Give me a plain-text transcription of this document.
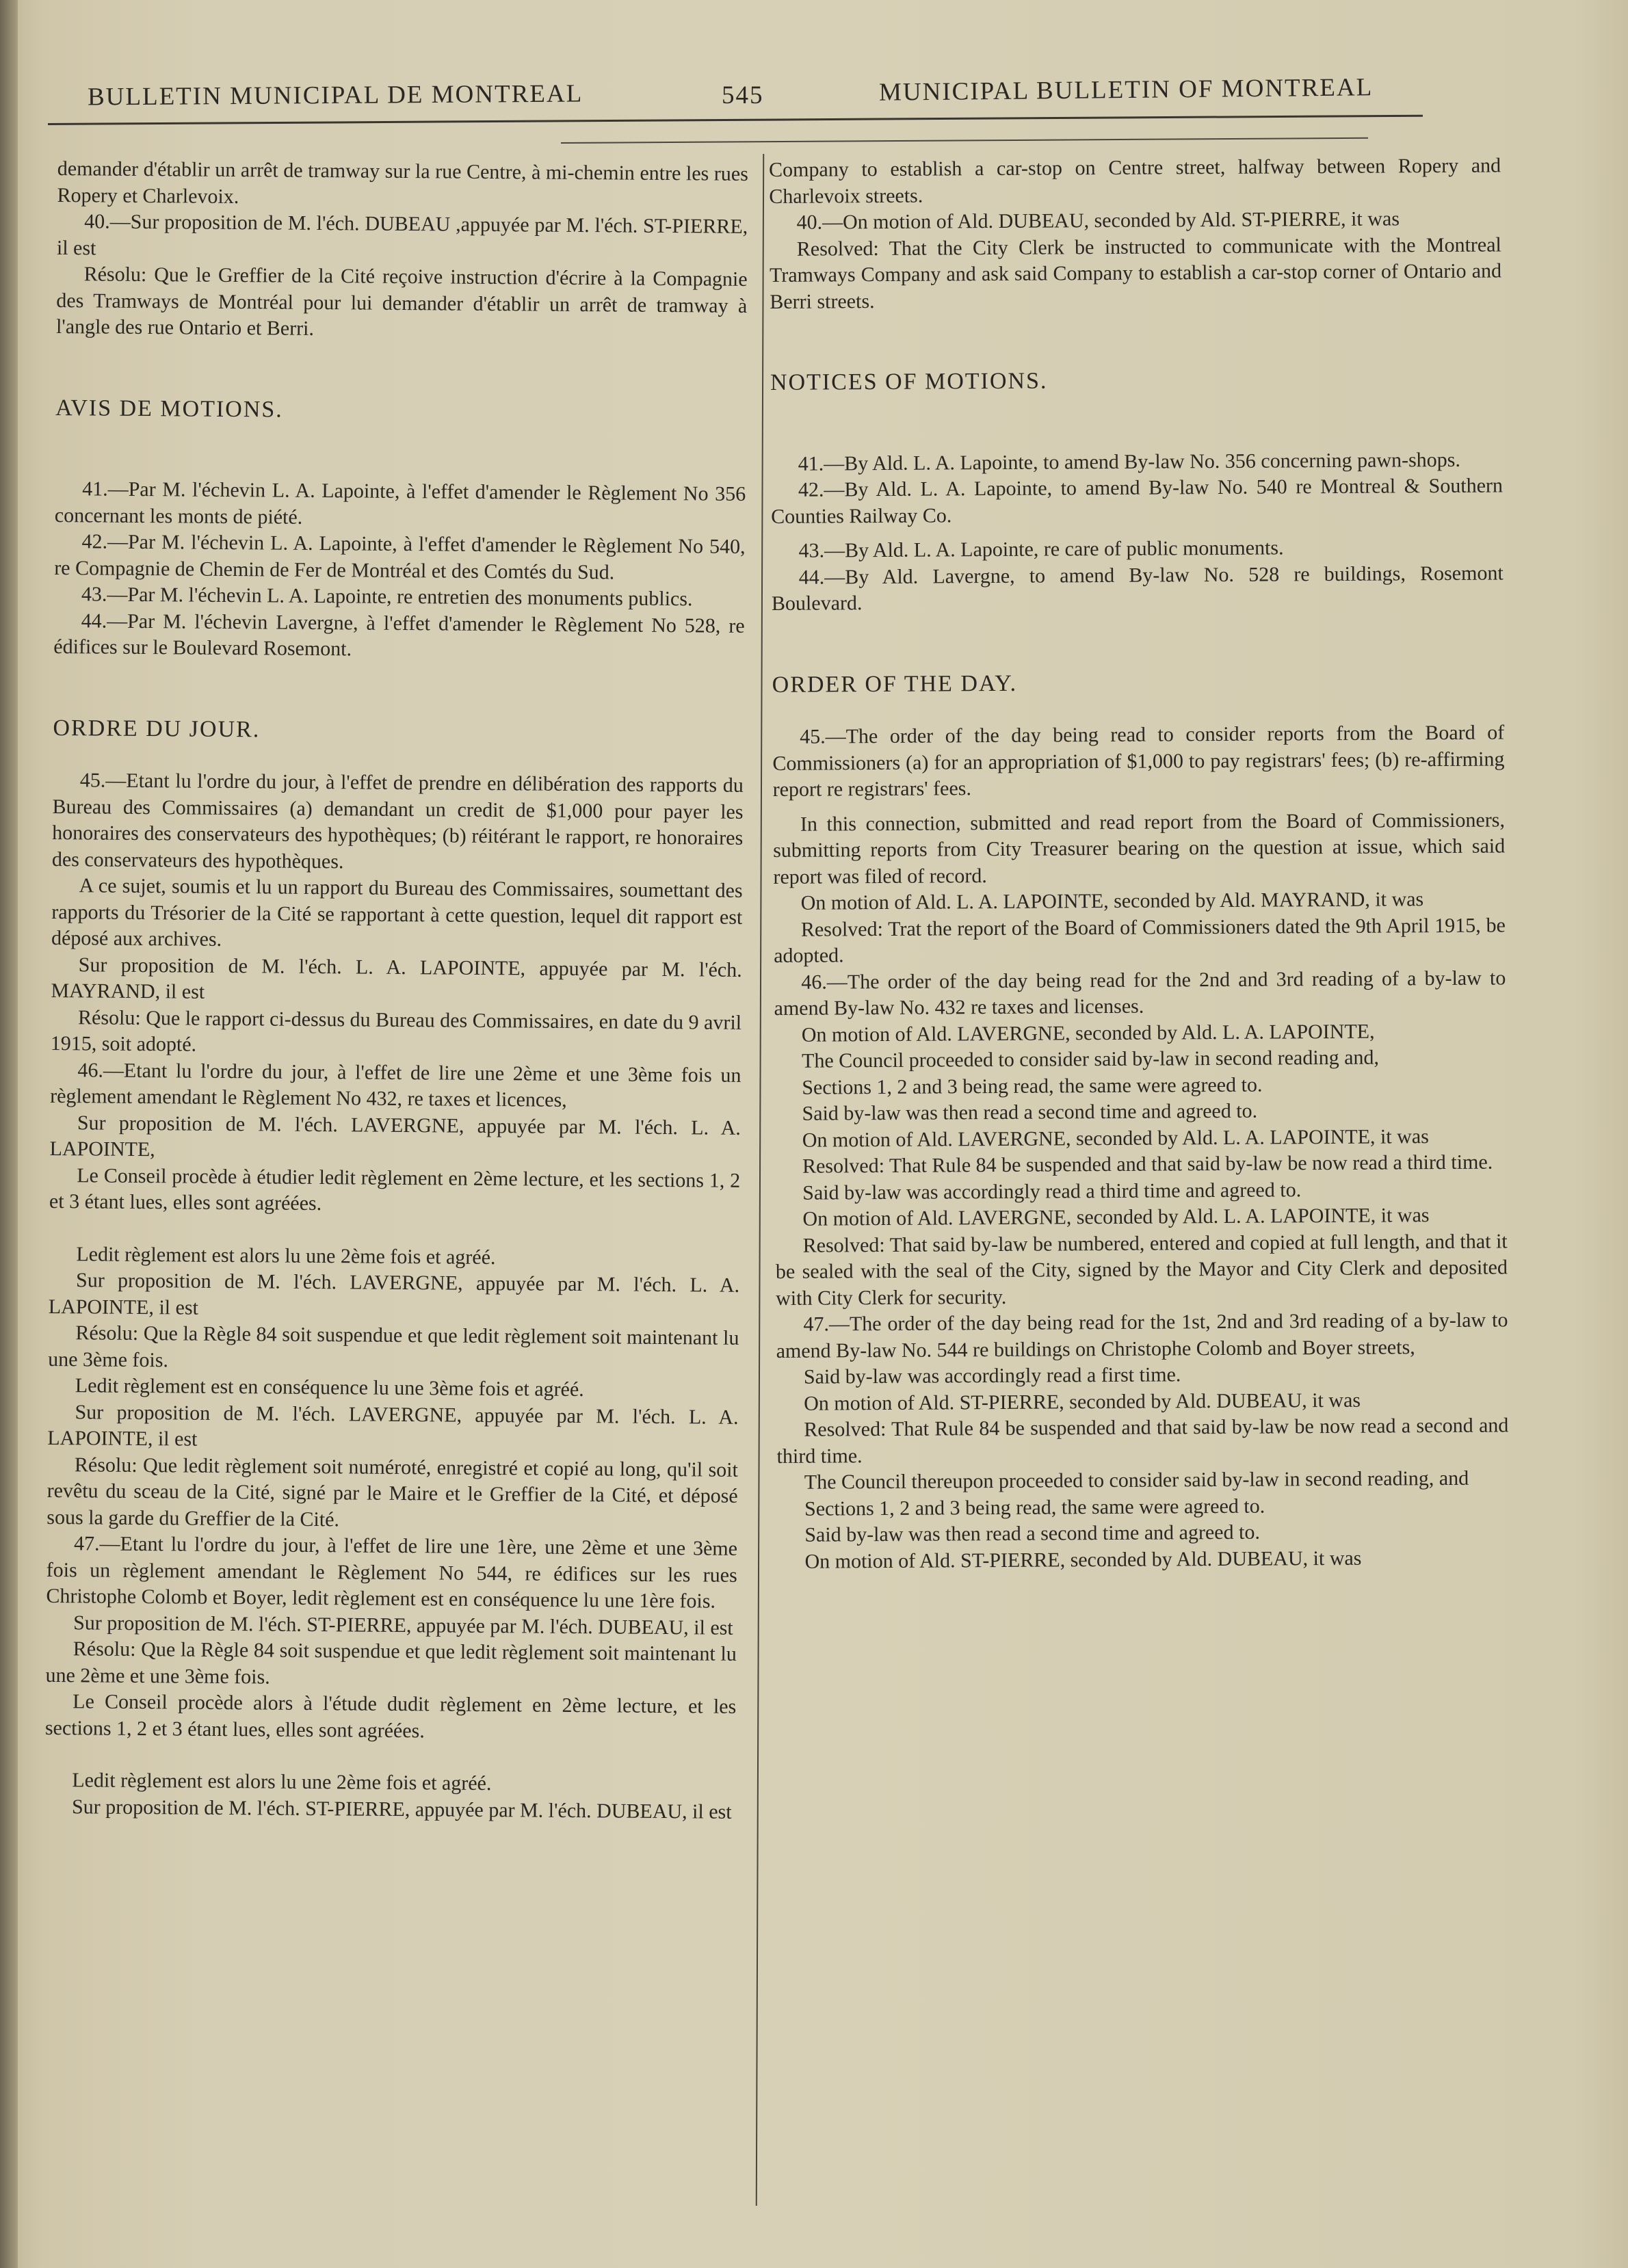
BULLETIN MUNICIPAL DE MONTREAL	545	MUNICIPAL BULLETIN OF MONTREAL

demander d'établir un arrêt de tramway sur la rue Centre, à mi-chemin entre les rues Ropery et Charlevoix.

40.—Sur proposition de M. l'éch. DUBEAU ,appuyée par M. l'éch. ST-PIERRE, il est

Résolu: Que le Greffier de la Cité reçoive instruction d'écrire à la Compagnie des Tramways de Montréal pour lui demander d'établir un arrêt de tramway à l'angle des rue Ontario et Berri.

AVIS DE MOTIONS.

41.—Par M. l'échevin L. A. Lapointe, à l'effet d'amender le Règlement No 356 concernant les monts de piété.

42.—Par M. l'échevin L. A. Lapointe, à l'effet d'amender le Règlement No 540, re Compagnie de Chemin de Fer de Montréal et des Comtés du Sud.

43.—Par M. l'échevin L. A. Lapointe, re entretien des monuments publics.

44.—Par M. l'échevin Lavergne, à l'effet d'amender le Règlement No 528, re édifices sur le Boulevard Rosemont.

ORDRE DU JOUR.

45.—Etant lu l'ordre du jour, à l'effet de prendre en délibération des rapports du Bureau des Commissaires (a) demandant un credit de $1,000 pour payer les honoraires des conservateurs des hypothèques; (b) réitérant le rapport, re honoraires des conservateurs des hypothèques.

A ce sujet, soumis et lu un rapport du Bureau des Commissaires, soumettant des rapports du Trésorier de la Cité se rapportant à cette question, lequel dit rapport est déposé aux archives.

Sur proposition de M. l'éch. L. A. LAPOINTE, appuyée par M. l'éch. MAYRAND, il est

Résolu: Que le rapport ci-dessus du Bureau des Commissaires, en date du 9 avril 1915, soit adopté.

46.—Etant lu l'ordre du jour, à l'effet de lire une 2ème et une 3ème fois un règlement amendant le Règlement No 432, re taxes et licences,

Sur proposition de M. l'éch. LAVERGNE, appuyée par M. l'éch. L. A. LAPOINTE,

Le Conseil procède à étudier ledit règlement en 2ème lecture, et les sections 1, 2 et 3 étant lues, elles sont agréées.

Ledit règlement est alors lu une 2ème fois et agréé.

Sur proposition de M. l'éch. LAVERGNE, appuyée par M. l'éch. L. A. LAPOINTE, il est

Résolu: Que la Règle 84 soit suspendue et que ledit règlement soit maintenant lu une 3ème fois.

Ledit règlement est en conséquence lu une 3ème fois et agréé.

Sur proposition de M. l'éch. LAVERGNE, appuyée par M. l'éch. L. A. LAPOINTE, il est

Résolu: Que ledit règlement soit numéroté, enregistré et copié au long, qu'il soit revêtu du sceau de la Cité, signé par le Maire et le Greffier de la Cité, et déposé sous la garde du Greffier de la Cité.

47.—Etant lu l'ordre du jour, à l'effet de lire une 1ère, une 2ème et une 3ème fois un règlement amendant le Règlement No 544, re édifices sur les rues Christophe Colomb et Boyer, ledit règlement est en conséquence lu une 1ère fois.

Sur proposition de M. l'éch. ST-PIERRE, appuyée par M. l'éch. DUBEAU, il est

Résolu: Que la Règle 84 soit suspendue et que ledit règlement soit maintenant lu une 2ème et une 3ème fois.

Le Conseil procède alors à l'étude dudit règlement en 2ème lecture, et les sections 1, 2 et 3 étant lues, elles sont agréées.

Ledit règlement est alors lu une 2ème fois et agréé.

Sur proposition de M. l'éch. ST-PIERRE, appuyée par M. l'éch. DUBEAU, il est

Company to establish a car-stop on Centre street, halfway between Ropery and Charlevoix streets.

40.—On motion of Ald. DUBEAU, seconded by Ald. ST-PIERRE, it was

Resolved: That the City Clerk be instructed to communicate with the Montreal Tramways Company and ask said Company to establish a car-stop corner of Ontario and Berri streets.

NOTICES OF MOTIONS.

41.—By Ald. L. A. Lapointe, to amend By-law No. 356 concerning pawn-shops.

42.—By Ald. L. A. Lapointe, to amend By-law No. 540 re Montreal & Southern Counties Railway Co.

43.—By Ald. L. A. Lapointe, re care of public monuments.

44.—By Ald. Lavergne, to amend By-law No. 528 re buildings, Rosemont Boulevard.

ORDER OF THE DAY.

45.—The order of the day being read to consider reports from the Board of Commissioners (a) for an appropriation of $1,000 to pay registrars' fees; (b) re-affirming report re registrars' fees.

In this connection, submitted and read report from the Board of Commissioners, submitting reports from City Treasurer bearing on the question at issue, which said report was filed of record.

On motion of Ald. L. A. LAPOINTE, seconded by Ald. MAYRAND, it was

Resolved: Trat the report of the Board of Commissioners dated the 9th April 1915, be adopted.

46.—The order of the day being read for the 2nd and 3rd reading of a by-law to amend By-law No. 432 re taxes and licenses.

On motion of Ald. LAVERGNE, seconded by Ald. L. A. LAPOINTE,

The Council proceeded to consider said by-law in second reading and,

Sections 1, 2 and 3 being read, the same were agreed to.

Said by-law was then read a second time and agreed to.

On motion of Ald. LAVERGNE, seconded by Ald. L. A. LAPOINTE, it was

Resolved: That Rule 84 be suspended and that said by-law be now read a third time.

Said by-law was accordingly read a third time and agreed to.

On motion of Ald. LAVERGNE, seconded by Ald. L. A. LAPOINTE, it was

Resolved: That said by-law be numbered, entered and copied at full length, and that it be sealed with the seal of the City, signed by the Mayor and City Clerk and deposited with City Clerk for security.

47.—The order of the day being read for the 1st, 2nd and 3rd reading of a by-law to amend By-law No. 544 re buildings on Christophe Colomb and Boyer streets,

Said by-law was accordingly read a first time.

On motion of Ald. ST-PIERRE, seconded by Ald. DUBEAU, it was

Resolved: That Rule 84 be suspended and that said by-law be now read a second and third time.

The Council thereupon proceeded to consider said by-law in second reading, and

Sections 1, 2 and 3 being read, the same were agreed to.

Said by-law was then read a second time and agreed to.

On motion of Ald. ST-PIERRE, seconded by Ald. DUBEAU, it was
